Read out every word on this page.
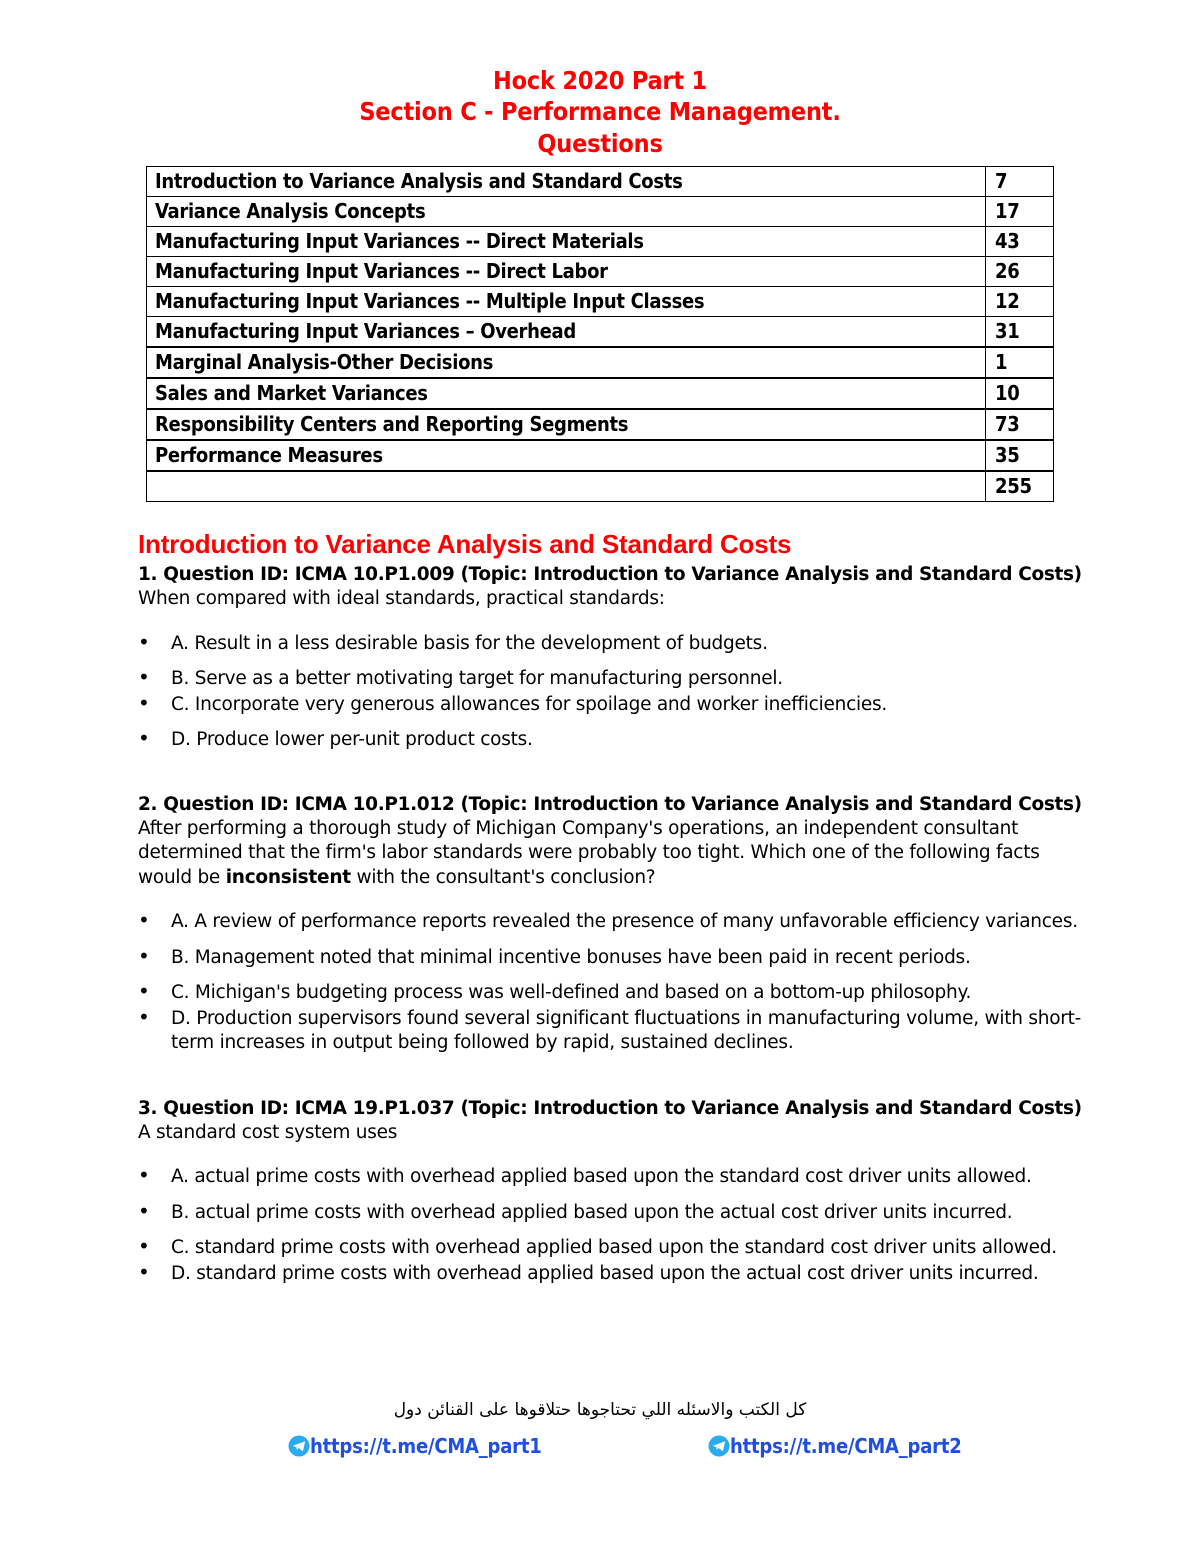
Hock 2020 Part 1
Section C - Performance Management.
Questions
Introduction to Variance Analysis and Standard Costs	7
Variance Analysis Concepts	17
Manufacturing Input Variances -- Direct Materials	43
Manufacturing Input Variances -- Direct Labor	26
Manufacturing Input Variances -- Multiple Input Classes	12
Manufacturing Input Variances – Overhead	31
Marginal Analysis-Other Decisions	1
Sales and Market Variances	10
Responsibility Centers and Reporting Segments	73
Performance Measures	35
	255
Introduction to Variance Analysis and Standard Costs
1. Question ID: ICMA 10.P1.009 (Topic: Introduction to Variance Analysis and Standard Costs)
When compared with ideal standards, practical standards:
• A. Result in a less desirable basis for the development of budgets.
• B. Serve as a better motivating target for manufacturing personnel.
• C. Incorporate very generous allowances for spoilage and worker inefficiencies.
• D. Produce lower per-unit product costs.
2. Question ID: ICMA 10.P1.012 (Topic: Introduction to Variance Analysis and Standard Costs)
After performing a thorough study of Michigan Company's operations, an independent consultant determined that the firm's labor standards were probably too tight. Which one of the following facts would be inconsistent with the consultant's conclusion?
• A. A review of performance reports revealed the presence of many unfavorable efficiency variances.
• B. Management noted that minimal incentive bonuses have been paid in recent periods.
• C. Michigan's budgeting process was well-defined and based on a bottom-up philosophy.
• D. Production supervisors found several significant fluctuations in manufacturing volume, with short-term increases in output being followed by rapid, sustained declines.
3. Question ID: ICMA 19.P1.037 (Topic: Introduction to Variance Analysis and Standard Costs)
A standard cost system uses
• A. actual prime costs with overhead applied based upon the standard cost driver units allowed.
• B. actual prime costs with overhead applied based upon the actual cost driver units incurred.
• C. standard prime costs with overhead applied based upon the standard cost driver units allowed.
• D. standard prime costs with overhead applied based upon the actual cost driver units incurred.
كل الكتب والاسئله اللي تحتاجوها حتلاقوها على القنائن دول
https://t.me/CMA_part1	https://t.me/CMA_part2
